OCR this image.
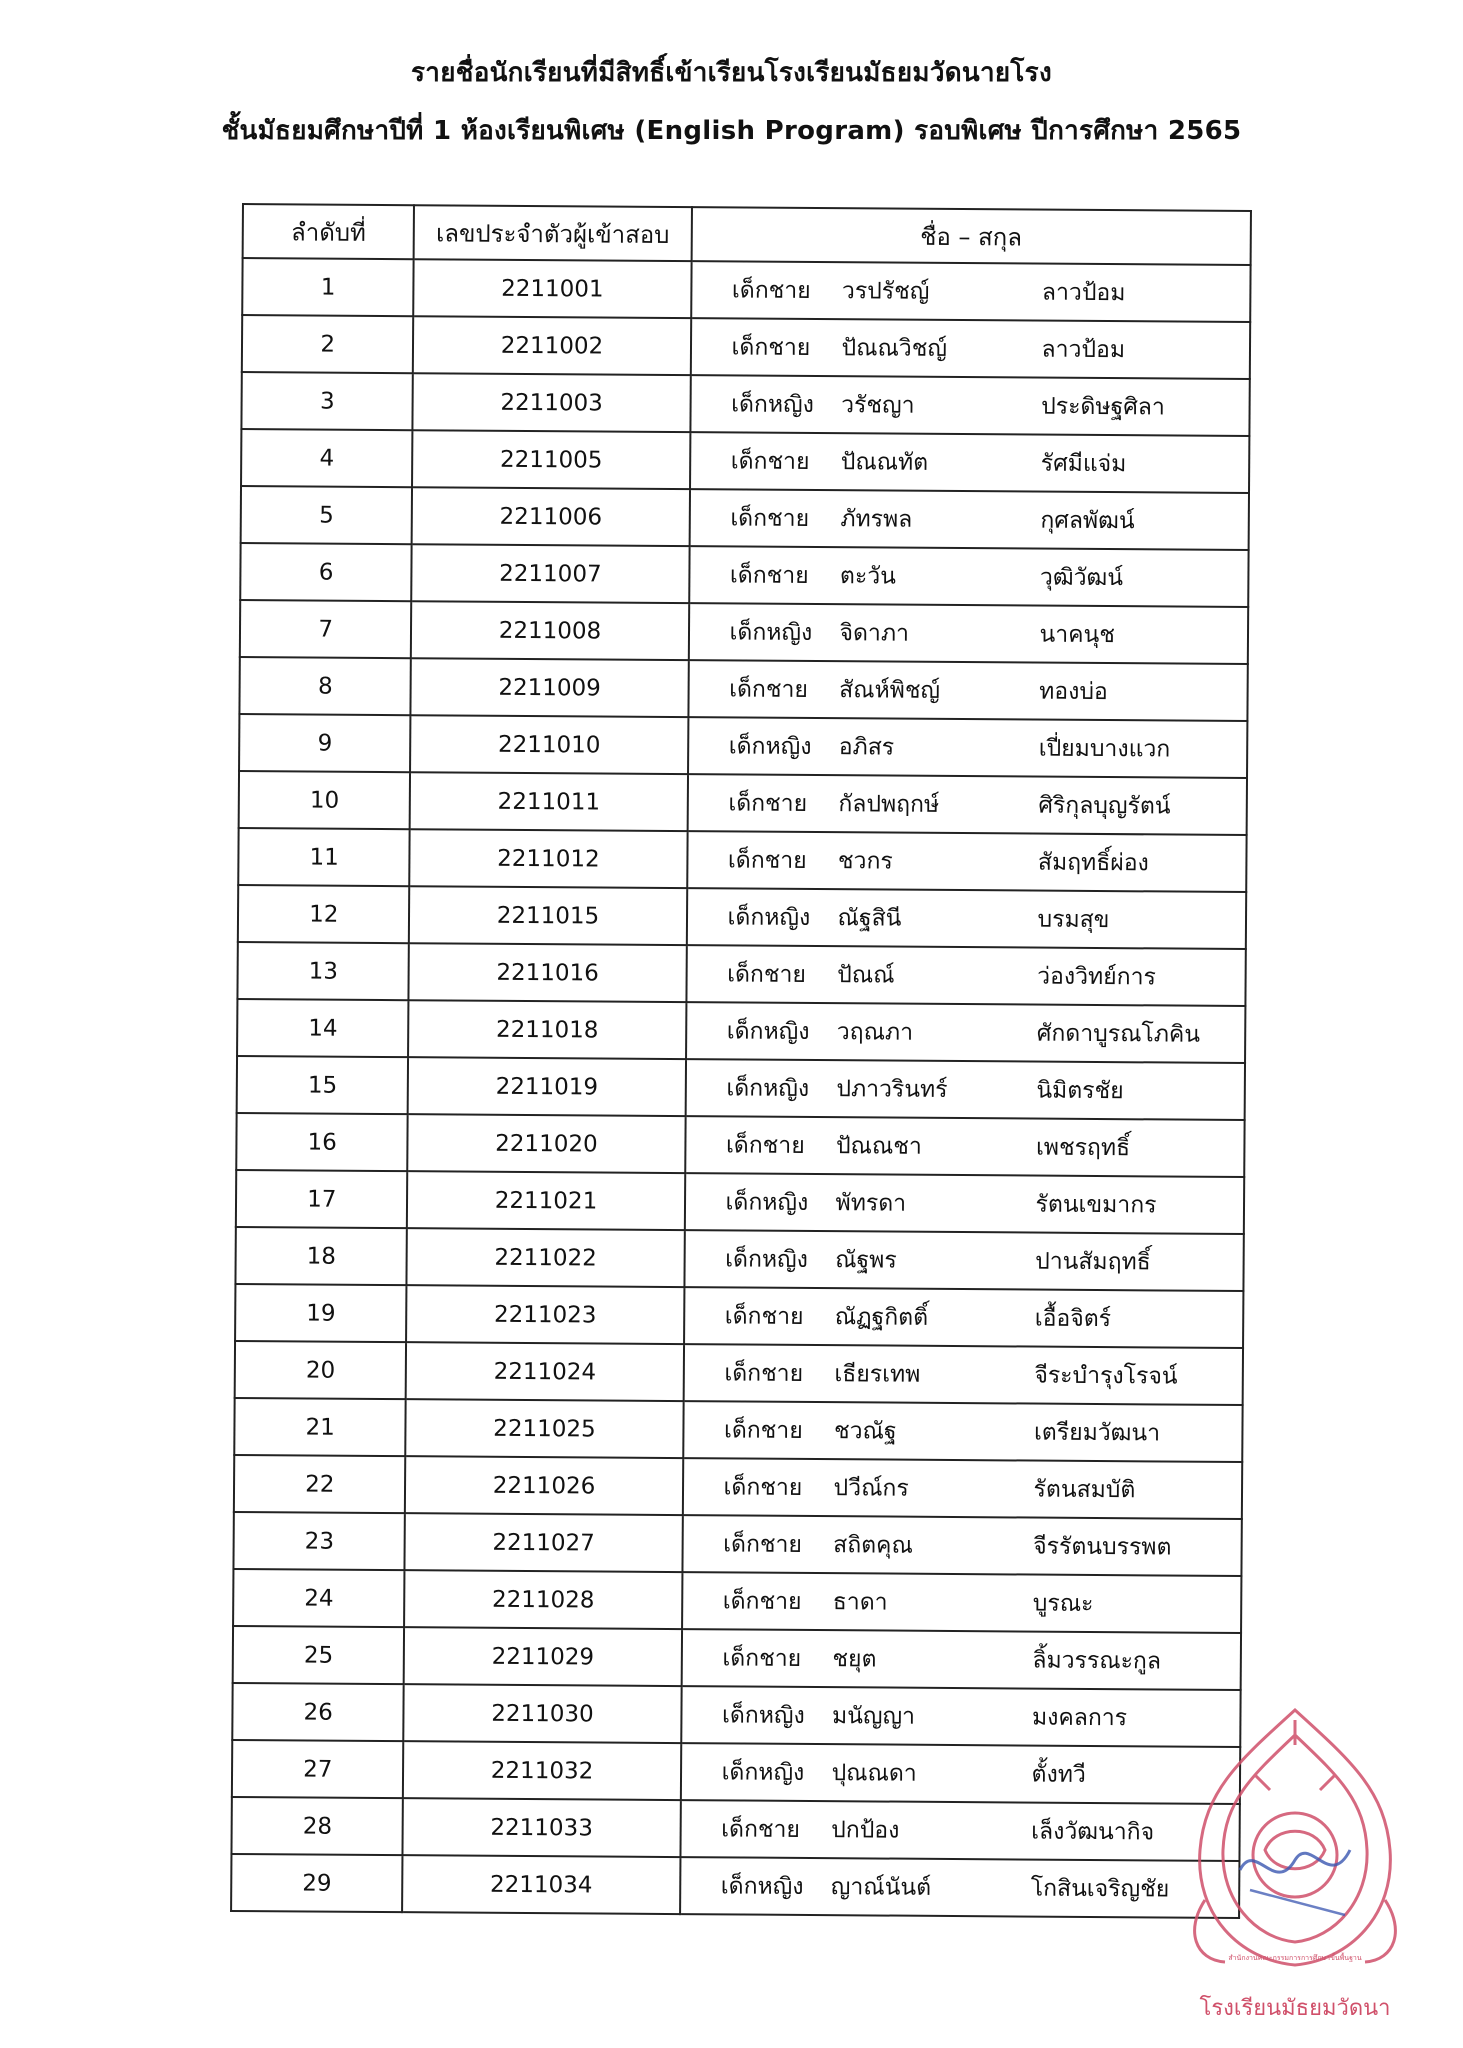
รายชื่อนักเรียนที่มีสิทธิ์เข้าเรียนโรงเรียนมัธยมวัดนายโรง
ชั้นมัธยมศึกษาปีที่ 1 ห้องเรียนพิเศษ (English Program) รอบพิเศษ ปีการศึกษา 2565
ลำดับที่	เลขประจำตัวผู้เข้าสอบ	ชื่อ – สกุล
1	2211001	เด็กชาย วรปรัชญ์ ลาวป้อม

2	2211002	เด็กชาย ปัณณวิชญ์ ลาวป้อม

3	2211003	เด็กหญิง วรัชญา ประดิษฐศิลา

4	2211005	เด็กชาย ปัณณทัต รัศมีแจ่ม

5	2211006	เด็กชาย ภัทรพล กุศลพัฒน์

6	2211007	เด็กชาย ตะวัน วุฒิวัฒน์

7	2211008	เด็กหญิง จิดาภา นาคนุช

8	2211009	เด็กชาย สัณห์พิชญ์ ทองบ่อ

9	2211010	เด็กหญิง อภิสร เปี่ยมบางแวก

10	2211011	เด็กชาย กัลปพฤกษ์ ศิริกุลบุญรัตน์

11	2211012	เด็กชาย ชวกร สัมฤทธิ์ผ่อง

12	2211015	เด็กหญิง ณัฐสินี บรมสุข

13	2211016	เด็กชาย ปัณณ์ ว่องวิทย์การ

14	2211018	เด็กหญิง วฤณภา ศักดาบูรณโภคิน

15	2211019	เด็กหญิง ปภาวรินทร์ นิมิตรชัย

16	2211020	เด็กชาย ปัณณชา เพชรฤทธิ์

17	2211021	เด็กหญิง พัทรดา รัตนเขมากร

18	2211022	เด็กหญิง ณัฐพร ปานสัมฤทธิ์

19	2211023	เด็กชาย ณัฏฐกิตติ์ เอื้อจิตร์

20	2211024	เด็กชาย เธียรเทพ จีระบำรุงโรจน์

21	2211025	เด็กชาย ชวณัฐ เตรียมวัฒนา

22	2211026	เด็กชาย ปวีณ์กร รัตนสมบัติ

23	2211027	เด็กชาย สถิตคุณ จีรรัตนบรรพต

24	2211028	เด็กชาย ธาดา บูรณะ

25	2211029	เด็กชาย ชยุต ลิ้มวรรณะกูล

26	2211030	เด็กหญิง มนัญญา มงคลการ

27	2211032	เด็กหญิง ปุณณดา ตั้งทวี

28	2211033	เด็กชาย ปกป้อง เล็งวัฒนากิจ

29	2211034	เด็กหญิง ญาณ์นันต์ โกสินเจริญชัย
สำนักงานคณะกรรมการการศึกษาขั้นพื้นฐาน
โรงเรียนมัธยมวัดนา
